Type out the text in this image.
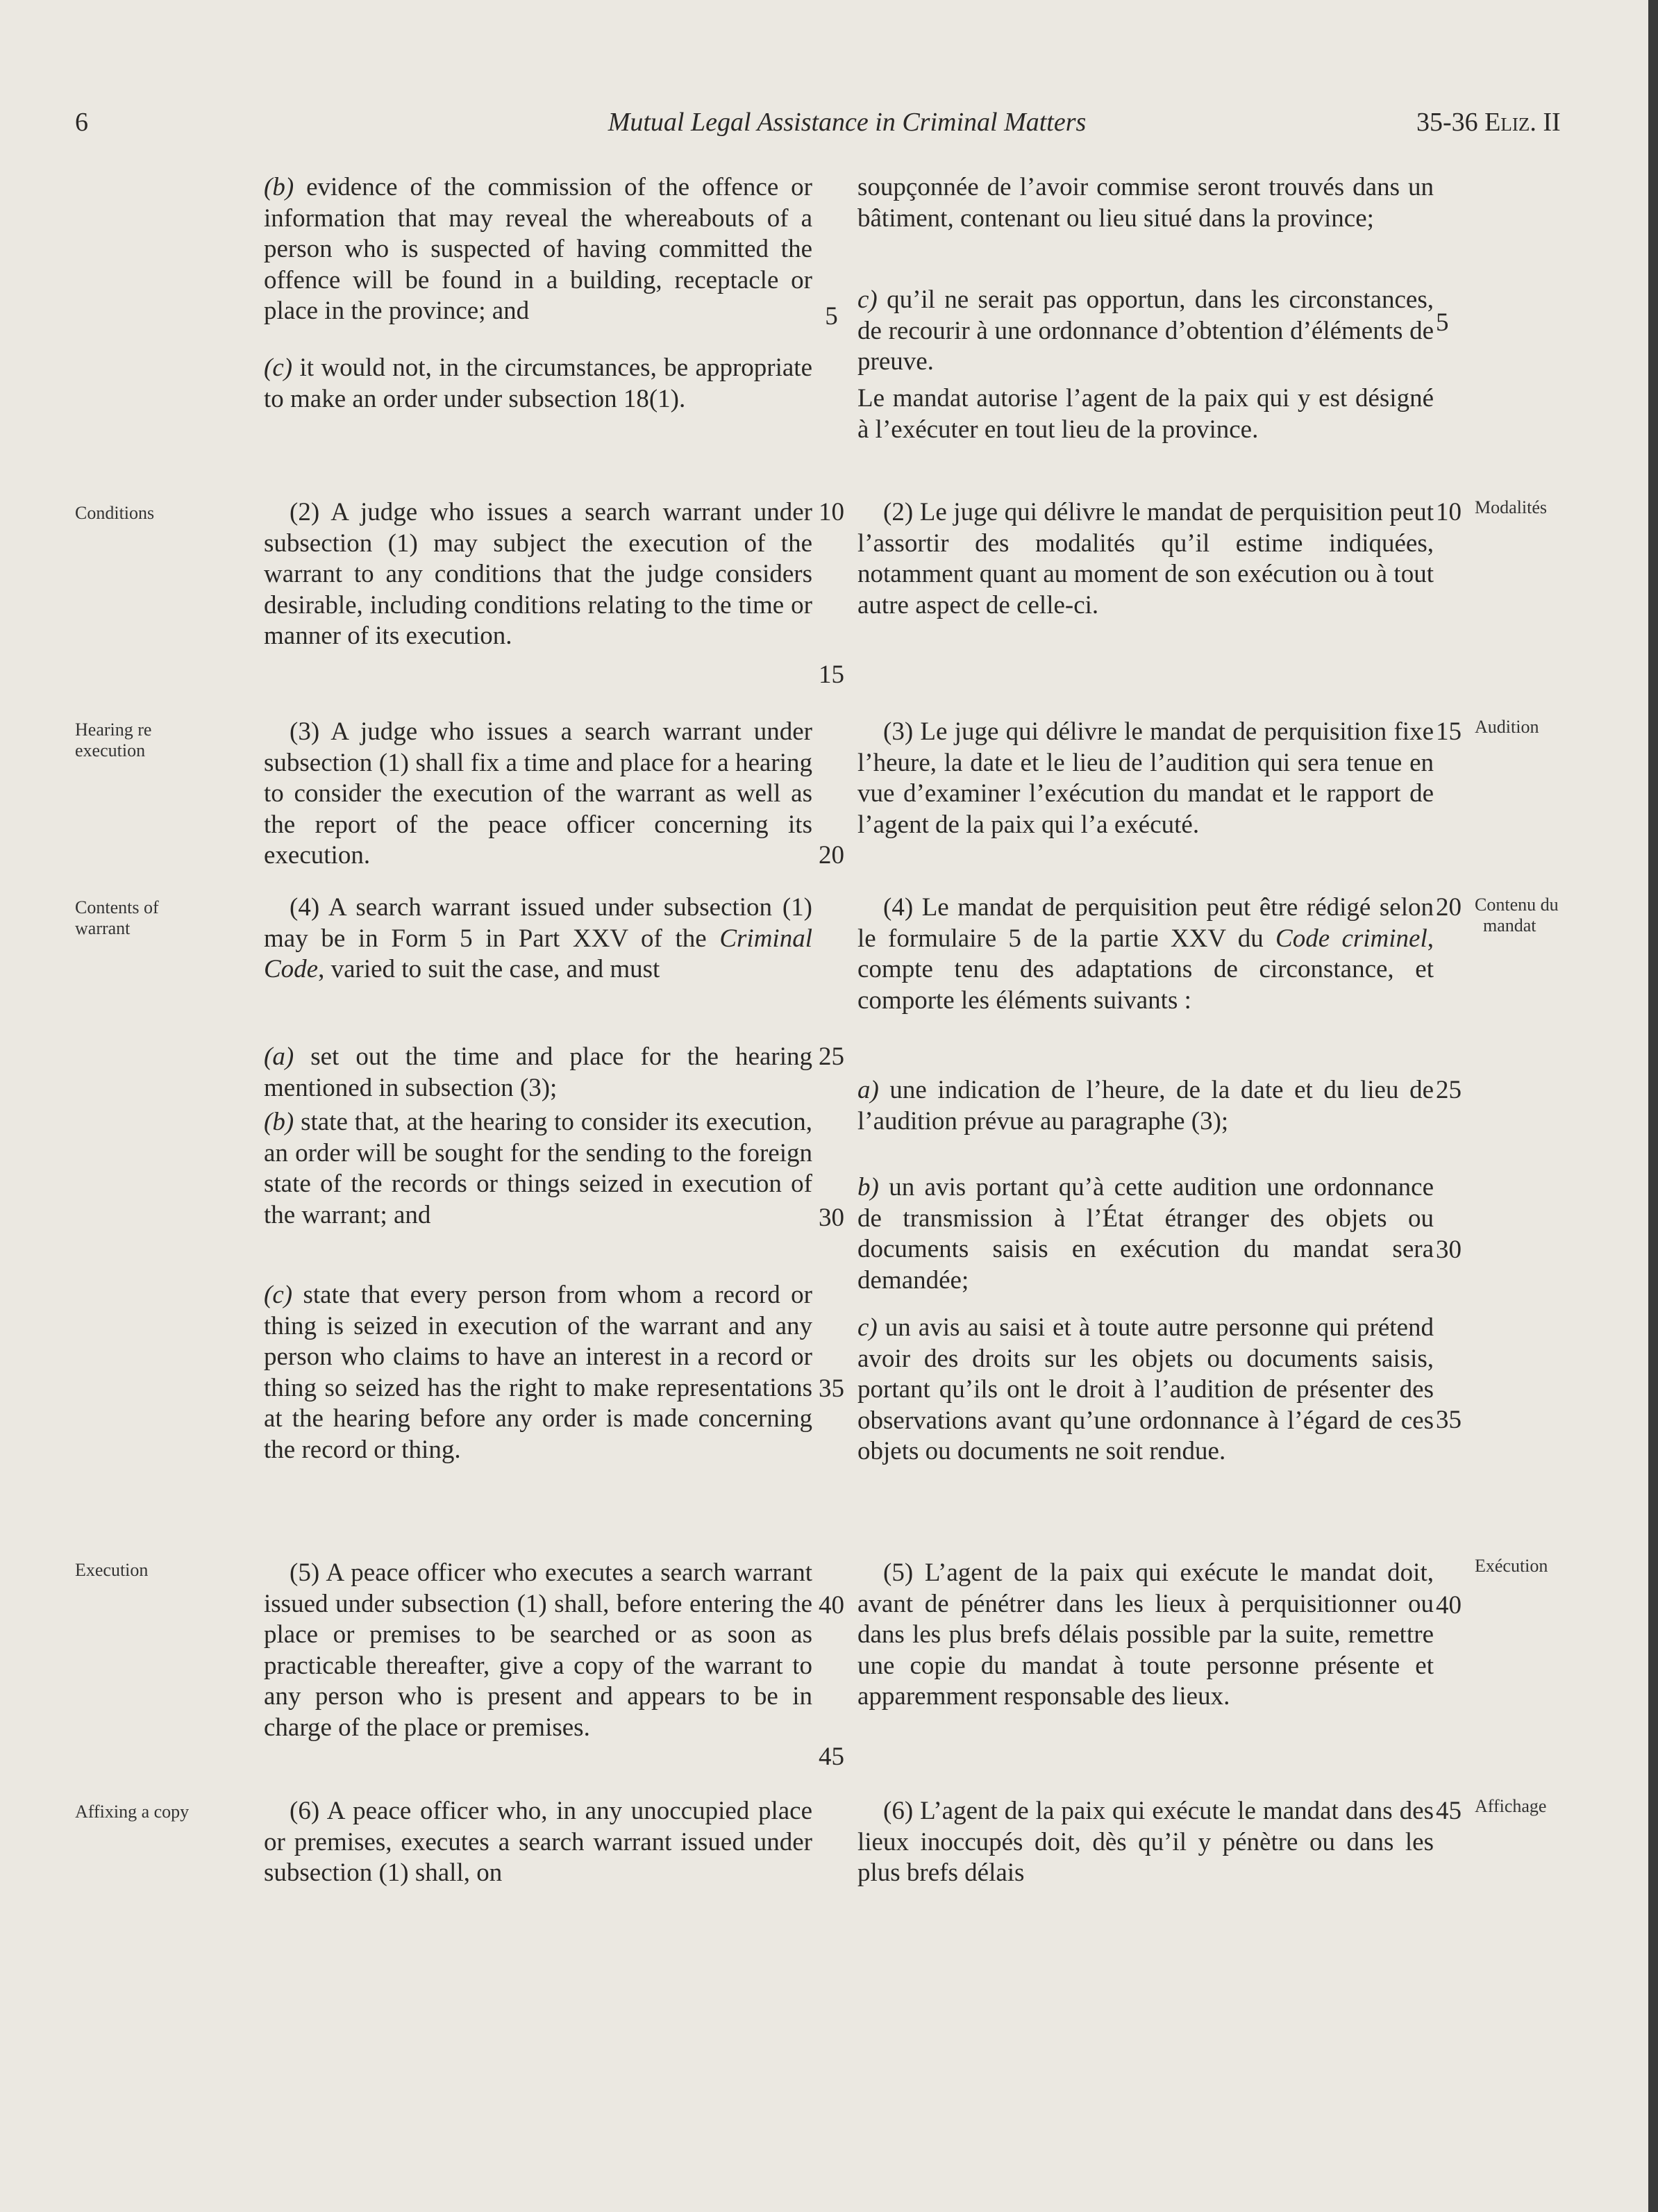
6	Mutual Legal Assistance in Criminal Matters	35-36 Eliz. II

(b) evidence of the commission of the offence or information that may reveal the whereabouts of a person who is suspected of having committed the offence will be found in a building, receptacle or place in the province; and

(c) it would not, in the circumstances, be appropriate to make an order under subsection 18(1).

(2) A judge who issues a search warrant under subsection (1) may subject the execution of the warrant to any conditions that the judge considers desirable, including conditions relating to the time or manner of its execution.

(3) A judge who issues a search warrant under subsection (1) shall fix a time and place for a hearing to consider the execution of the warrant as well as the report of the peace officer concerning its execution.

(4) A search warrant issued under subsection (1) may be in Form 5 in Part XXV of the Criminal Code, varied to suit the case, and must

(a) set out the time and place for the hearing mentioned in subsection (3);

(b) state that, at the hearing to consider its execution, an order will be sought for the sending to the foreign state of the records or things seized in execution of the warrant; and

(c) state that every person from whom a record or thing is seized in execution of the warrant and any person who claims to have an interest in a record or thing so seized has the right to make representations at the hearing before any order is made concerning the record or thing.

(5) A peace officer who executes a search warrant issued under subsection (1) shall, before entering the place or premises to be searched or as soon as practicable thereafter, give a copy of the warrant to any person who is present and appears to be in charge of the place or premises.

(6) A peace officer who, in any unoccupied place or premises, executes a search warrant issued under subsection (1) shall, on

5
10
15
20
25
30
35
40
45

soupçonnée de l’avoir commise seront trouvés dans un bâtiment, contenant ou lieu situé dans la province;

c) qu’il ne serait pas opportun, dans les circonstances, de recourir à une ordonnance d’obtention d’éléments de preuve.

Le mandat autorise l’agent de la paix qui y est désigné à l’exécuter en tout lieu de la province.

(2) Le juge qui délivre le mandat de perquisition peut l’assortir des modalités qu’il estime indiquées, notamment quant au moment de son exécution ou à tout autre aspect de celle-ci.

(3) Le juge qui délivre le mandat de perquisition fixe l’heure, la date et le lieu de l’audition qui sera tenue en vue d’examiner l’exécution du mandat et le rapport de l’agent de la paix qui l’a exécuté.

(4) Le mandat de perquisition peut être rédigé selon le formulaire 5 de la partie XXV du Code criminel, compte tenu des adaptations de circonstance, et comporte les éléments suivants :

a) une indication de l’heure, de la date et du lieu de l’audition prévue au paragraphe (3);

b) un avis portant qu’à cette audition une ordonnance de transmission à l’État étranger des objets ou documents saisis en exécution du mandat sera demandée;

c) un avis au saisi et à toute autre personne qui prétend avoir des droits sur les objets ou documents saisis, portant qu’ils ont le droit à l’audition de présenter des observations avant qu’une ordonnance à l’égard de ces objets ou documents ne soit rendue.

(5) L’agent de la paix qui exécute le mandat doit, avant de pénétrer dans les lieux à perquisitionner ou dans les plus brefs délais possible par la suite, remettre une copie du mandat à toute personne présente et apparemment responsable des lieux.

(6) L’agent de la paix qui exécute le mandat dans des lieux inoccupés doit, dès qu’il y pénètre ou dans les plus brefs délais

5
10
15
20
25
30
35
40
45
Conditions
Hearing re
execution
Contents of
warrant
Execution
Affixing a copy
Modalités
Audition
Contenu du
mandat
Exécution
Affichage
